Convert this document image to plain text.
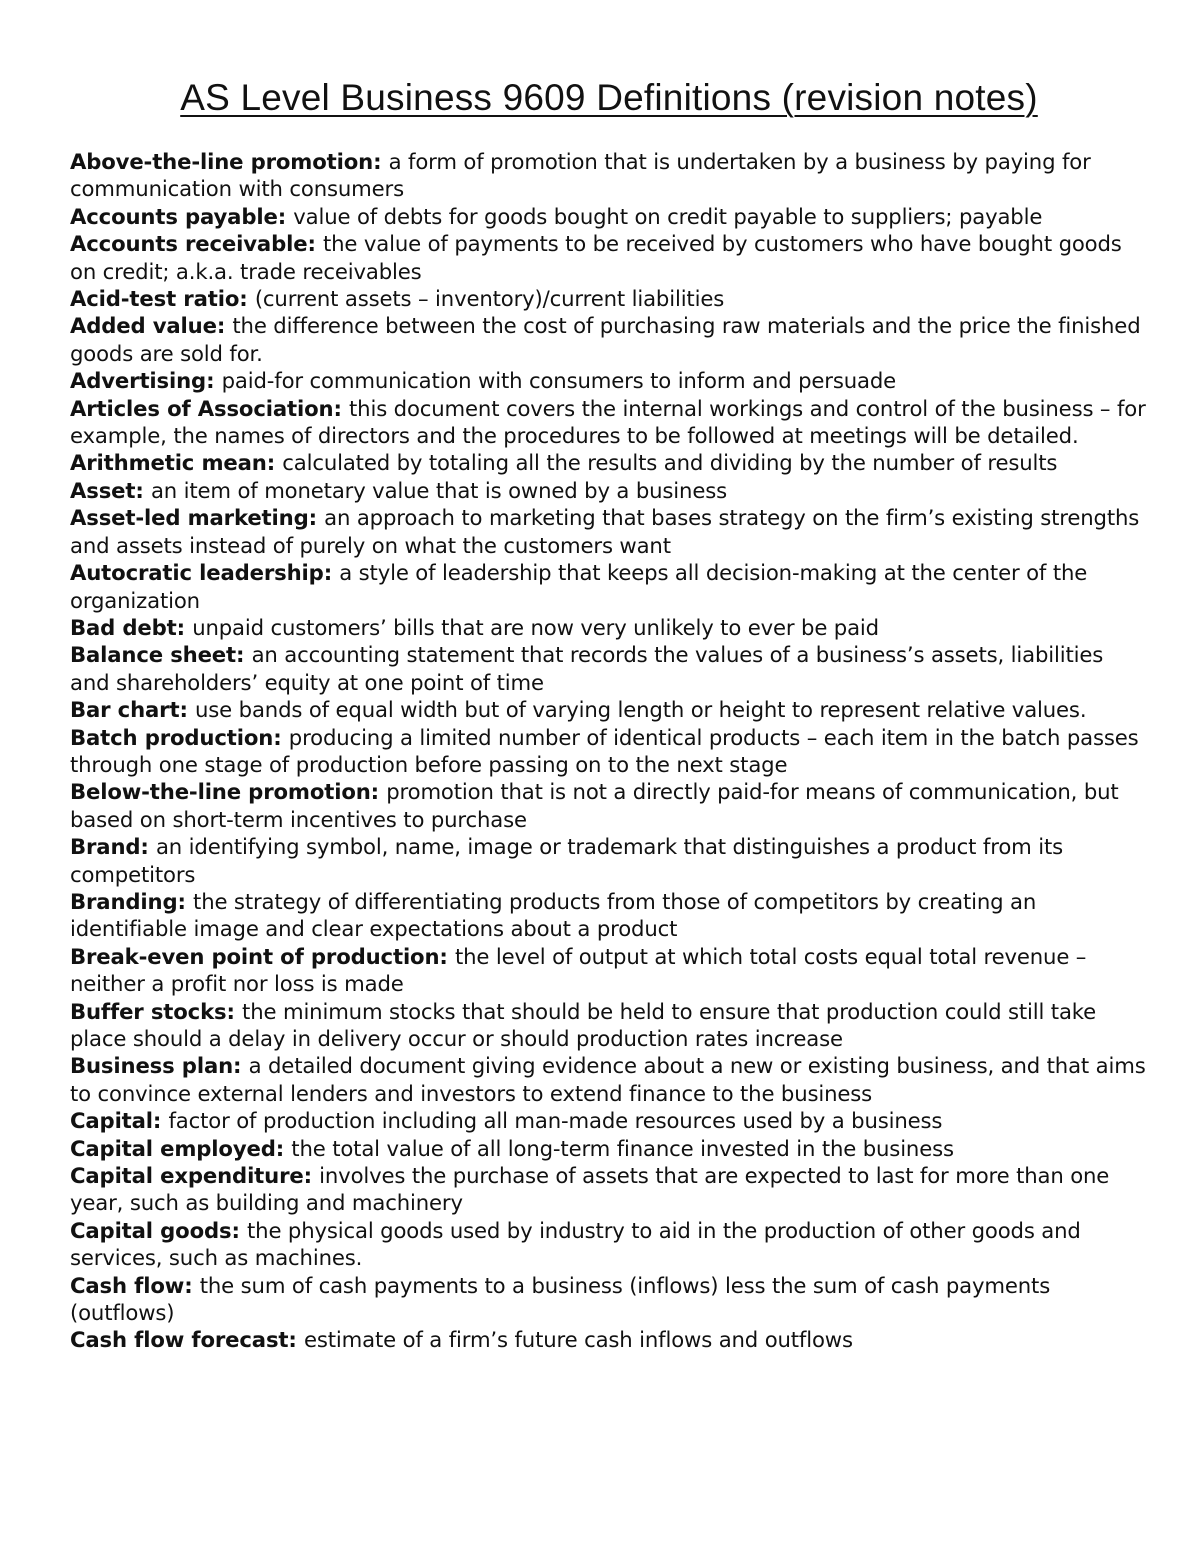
AS Level Business 9609 Definitions (revision notes)
Above-the-line promotion : a form of promotion that is undertaken by a business by paying for communication with consumers
Accounts payable : value of debts for goods bought on credit payable to suppliers; payable
Accounts receivable : the value of payments to be received by customers who have bought goods on credit; a.k.a. trade receivables
Acid-test ratio : (current assets – inventory)/current liabilities
Added value : the difference between the cost of purchasing raw materials and the price the finished goods are sold for.
Advertising : paid-for communication with consumers to inform and persuade
Articles of Association : this document covers the internal workings and control of the business – for example, the names of directors and the procedures to be followed at meetings will be detailed.
Arithmetic mean : calculated by totaling all the results and dividing by the number of results
Asset : an item of monetary value that is owned by a business
Asset-led marketing : an approach to marketing that bases strategy on the firm’s existing strengths and assets instead of purely on what the customers want
Autocratic leadership : a style of leadership that keeps all decision-making at the center of the organization
Bad debt : unpaid customers’ bills that are now very unlikely to ever be paid
Balance sheet : an accounting statement that records the values of a business’s assets, liabilities and shareholders’ equity at one point of time
Bar chart : use bands of equal width but of varying length or height to represent relative values.
Batch production : producing a limited number of identical products – each item in the batch passes through one stage of production before passing on to the next stage
Below-the-line promotion : promotion that is not a directly paid-for means of communication, but based on short-term incentives to purchase
Brand : an identifying symbol, name, image or trademark that distinguishes a product from its competitors
Branding : the strategy of differentiating products from those of competitors by creating an identifiable image and clear expectations about a product
Break-even point of production : the level of output at which total costs equal total revenue – neither a profit nor loss is made
Buffer stocks : the minimum stocks that should be held to ensure that production could still take place should a delay in delivery occur or should production rates increase
Business plan : a detailed document giving evidence about a new or existing business, and that aims to convince external lenders and investors to extend finance to the business
Capital : factor of production including all man-made resources used by a business
Capital employed : the total value of all long-term finance invested in the business
Capital expenditure : involves the purchase of assets that are expected to last for more than one year, such as building and machinery
Capital goods : the physical goods used by industry to aid in the production of other goods and services, such as machines.
Cash flow : the sum of cash payments to a business (inflows) less the sum of cash payments (outflows)
Cash flow forecast : estimate of a firm’s future cash inflows and outflows
